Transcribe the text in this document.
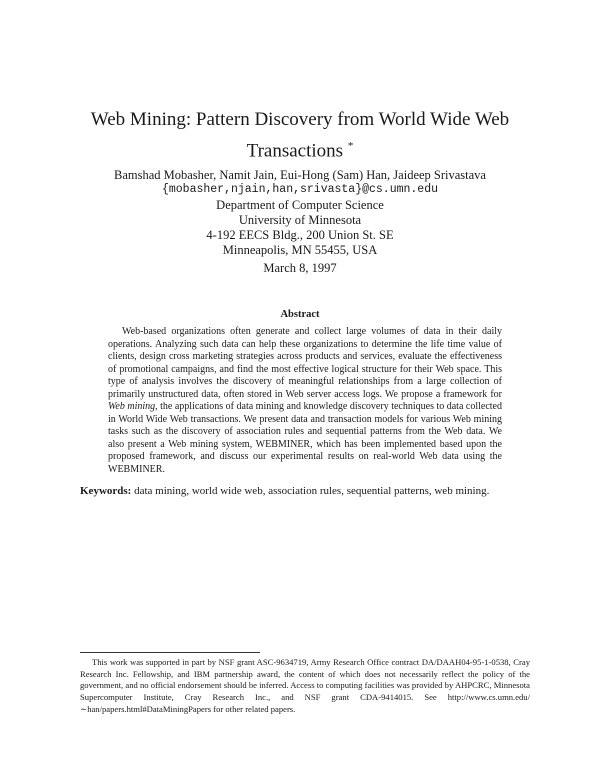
Web Mining: Pattern Discovery from World Wide Web
Transactions *
Bamshad Mobasher, Namit Jain, Eui-Hong (Sam) Han, Jaideep Srivastava
{mobasher,njain,han,srivasta}@cs.umn.edu
Department of Computer Science
University of Minnesota
4-192 EECS Bldg., 200 Union St. SE
Minneapolis, MN 55455, USA
March 8, 1997
Abstract
Web-based organizations often generate and collect large volumes of data in their daily operations. Analyzing such data can help these organizations to determine the life time value of clients, design cross marketing strategies across products and services, evaluate the effectiveness of promotional campaigns, and find the most effective logical structure for their Web space. This type of analysis involves the discovery of meaningful relationships from a large collection of primarily unstructured data, often stored in Web server access logs. We propose a framework for Web mining, the applications of data mining and knowledge discovery techniques to data collected in World Wide Web transactions. We present data and transaction models for various Web mining tasks such as the discovery of association rules and sequential patterns from the Web data. We also present a Web mining system, WEBMINER, which has been implemented based upon the proposed framework, and discuss our experimental results on real-world Web data using the WEBMINER.
Keywords: data mining, world wide web, association rules, sequential patterns, web mining.
This work was supported in part by NSF grant ASC-9634719, Army Research Office contract DA/DAAH04-95-1-0538, Cray Research Inc. Fellowship, and IBM partnership award, the content of which does not necessarily reflect the policy of the government, and no official endorsement should be inferred. Access to computing facilities was provided by AHPCRC, Minnesota Supercomputer Institute, Cray Research Inc., and NSF grant CDA-9414015. See http://www.cs.umn.edu/∼han/papers.html#DataMiningPapers for other related papers.
